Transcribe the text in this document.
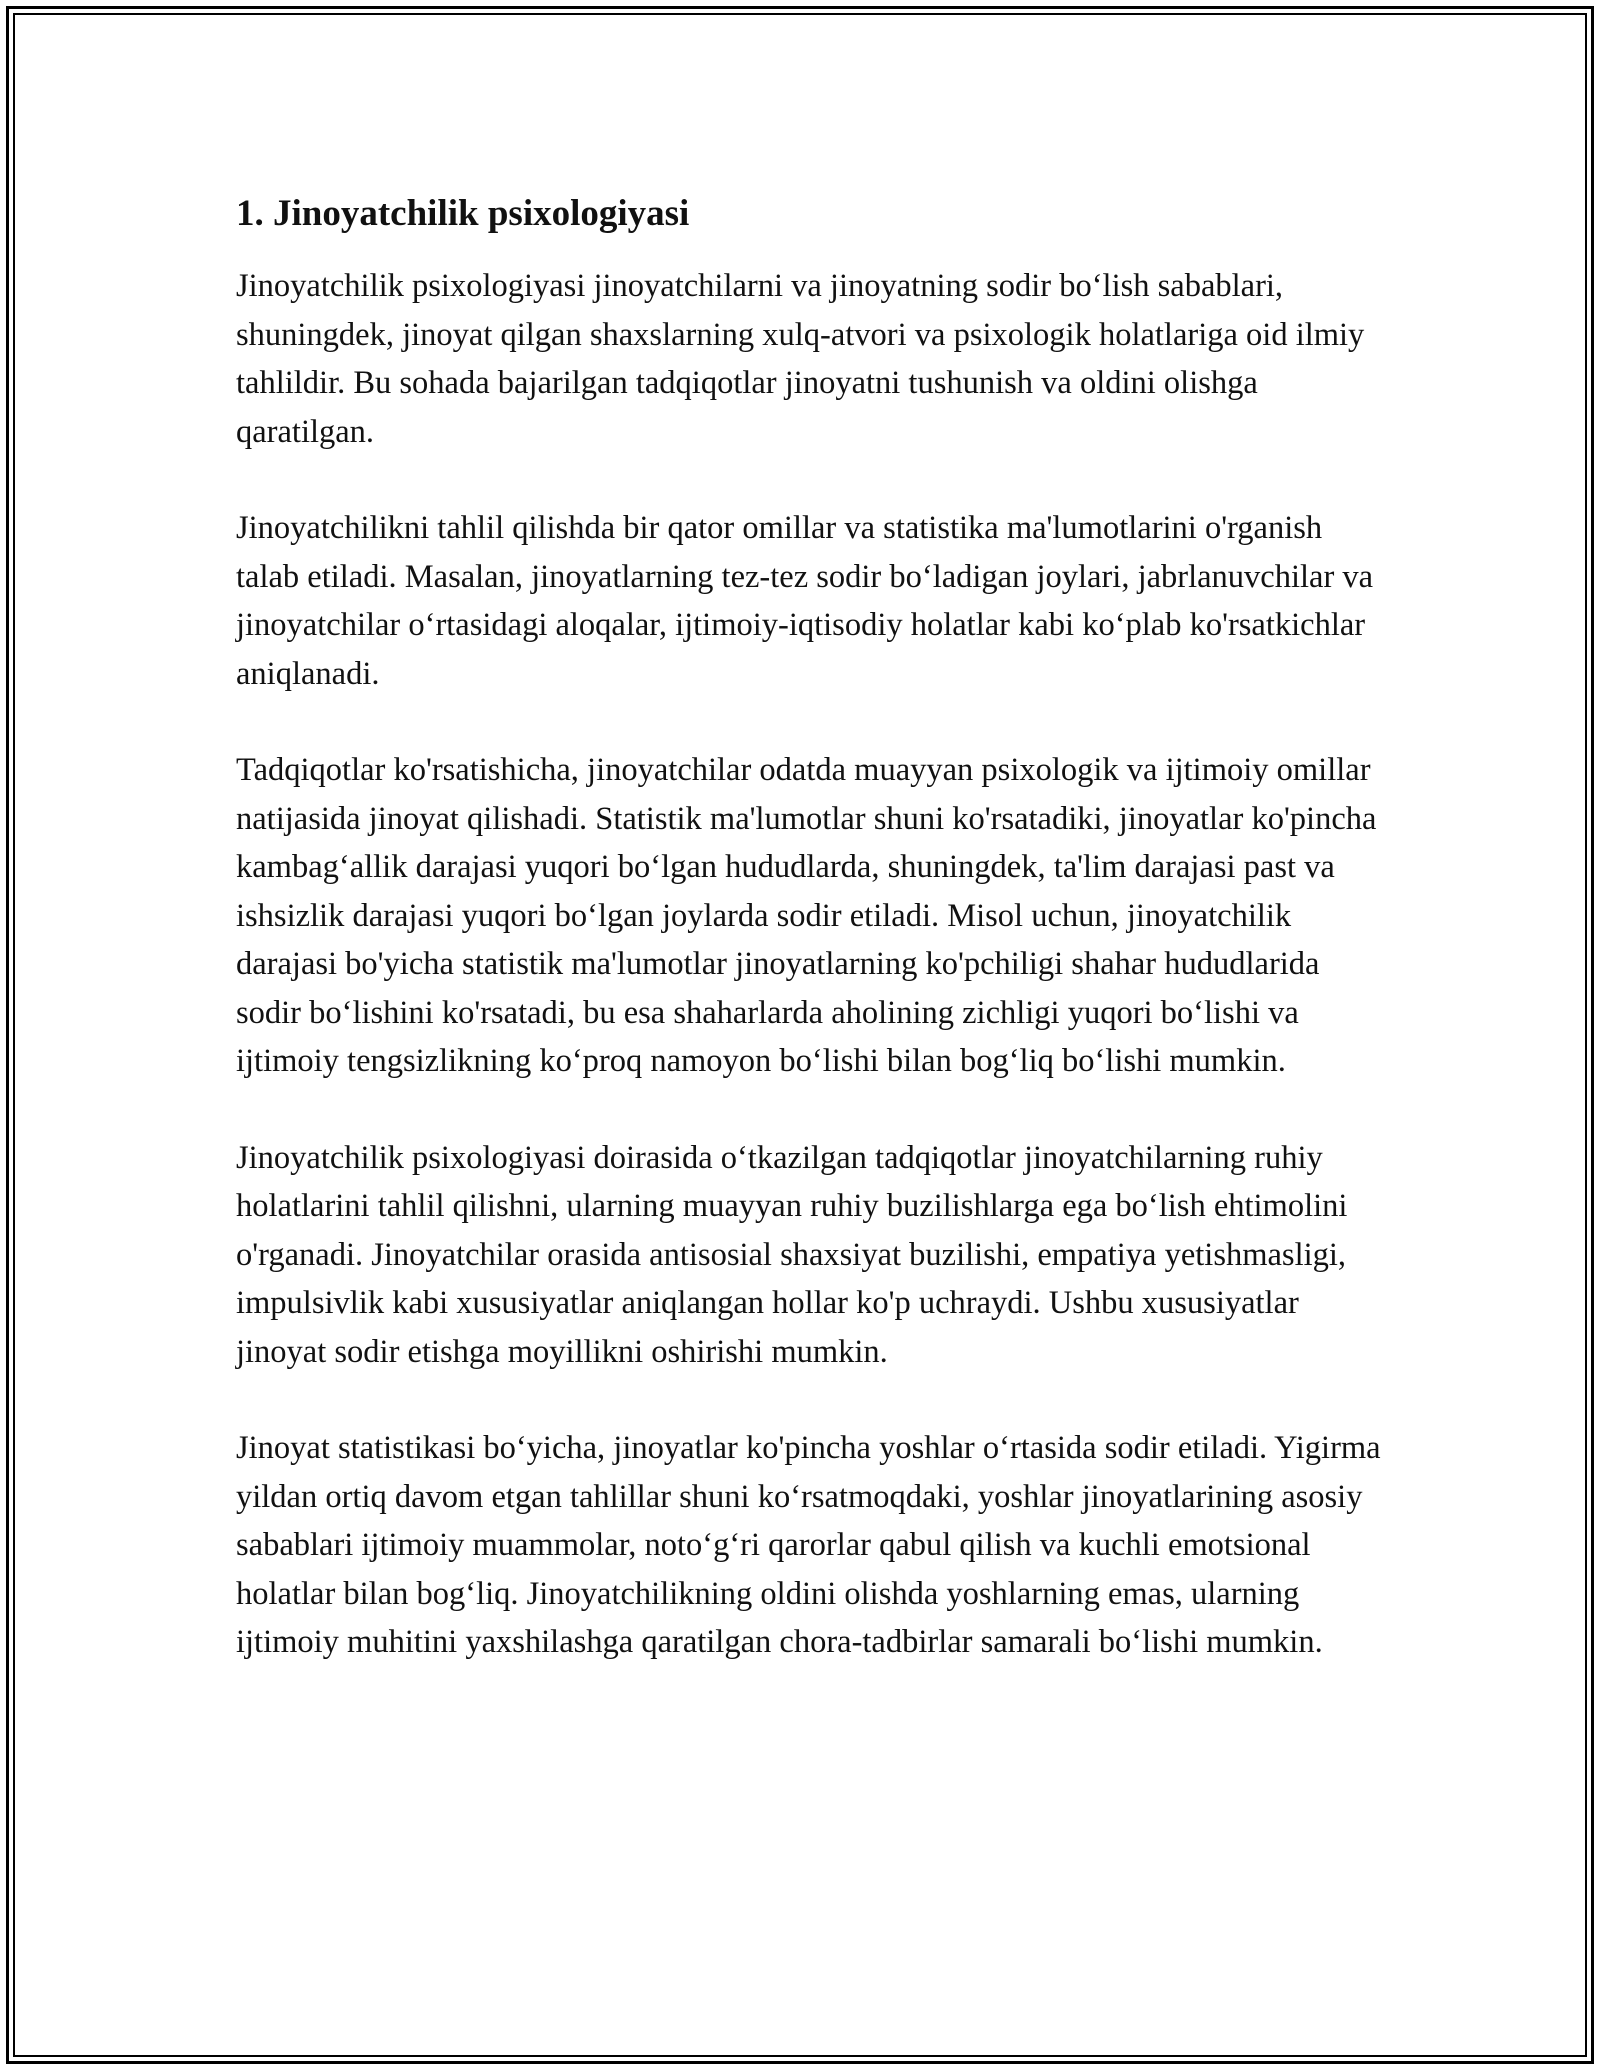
1. Jinoyatchilik psixologiyasi

Jinoyatchilik psixologiyasi jinoyatchilarni va jinoyatning sodir bo‘lish sabablari, shuningdek, jinoyat qilgan shaxslarning xulq-atvori va psixologik holatlariga oid ilmiy tahlildir. Bu sohada bajarilgan tadqiqotlar jinoyatni tushunish va oldini olishga qaratilgan.

Jinoyatchilikni tahlil qilishda bir qator omillar va statistika ma'lumotlarini o'rganish talab etiladi. Masalan, jinoyatlarning tez-tez sodir bo‘ladigan joylari, jabrlanuvchilar va jinoyatchilar o‘rtasidagi aloqalar, ijtimoiy-iqtisodiy holatlar kabi ko‘plab ko'rsatkichlar aniqlanadi.

Tadqiqotlar ko'rsatishicha, jinoyatchilar odatda muayyan psixologik va ijtimoiy omillar natijasida jinoyat qilishadi. Statistik ma'lumotlar shuni ko'rsatadiki, jinoyatlar ko'pincha kambag‘allik darajasi yuqori bo‘lgan hududlarda, shuningdek, ta'lim darajasi past va ishsizlik darajasi yuqori bo‘lgan joylarda sodir etiladi. Misol uchun, jinoyatchilik darajasi bo'yicha statistik ma'lumotlar jinoyatlarning ko'pchiligi shahar hududlarida sodir bo‘lishini ko'rsatadi, bu esa shaharlarda aholining zichligi yuqori bo‘lishi va ijtimoiy tengsizlikning ko‘proq namoyon bo‘lishi bilan bog‘liq bo‘lishi mumkin.

Jinoyatchilik psixologiyasi doirasida o‘tkazilgan tadqiqotlar jinoyatchilarning ruhiy holatlarini tahlil qilishni, ularning muayyan ruhiy buzilishlarga ega bo‘lish ehtimolini o'rganadi. Jinoyatchilar orasida antisosial shaxsiyat buzilishi, empatiya yetishmasligi, impulsivlik kabi xususiyatlar aniqlangan hollar ko'p uchraydi. Ushbu xususiyatlar jinoyat sodir etishga moyillikni oshirishi mumkin.

Jinoyat statistikasi bo‘yicha, jinoyatlar ko'pincha yoshlar o‘rtasida sodir etiladi. Yigirma yildan ortiq davom etgan tahlillar shuni ko‘rsatmoqdaki, yoshlar jinoyatlarining asosiy sabablari ijtimoiy muammolar, noto‘g‘ri qarorlar qabul qilish va kuchli emotsional holatlar bilan bog‘liq. Jinoyatchilikning oldini olishda yoshlarning emas, ularning ijtimoiy muhitini yaxshilashga qaratilgan chora-tadbirlar samarali bo‘lishi mumkin.
